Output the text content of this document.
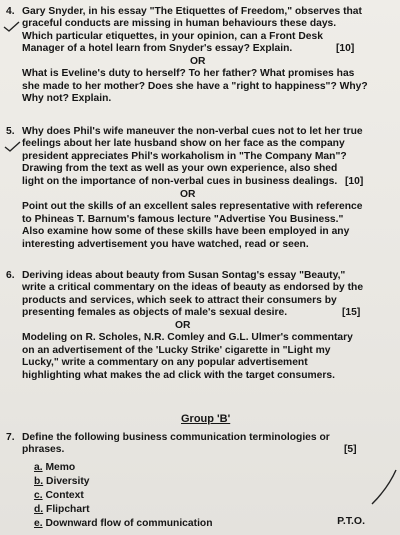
4. Gary Snyder, in his essay "The Etiquettes of Freedom," observes that
graceful conducts are missing in human behaviours these days.
Which particular etiquettes, in your opinion, can a Front Desk
Manager of a hotel learn from Snyder's essay? Explain.	[10]
OR
What is Eveline's duty to herself? To her father? What promises has
she made to her mother? Does she have a "right to happiness"? Why?
Why not? Explain.
5. Why does Phil's wife maneuver the non-verbal cues not to let her true
feelings about her late husband show on her face as the company
president appreciates Phil's workaholism in "The Company Man"?
Drawing from the text as well as your own experience, also shed
light on the importance of non-verbal cues in business dealings. [10]
OR
Point out the skills of an excellent sales representative with reference
to Phineas T. Barnum's famous lecture "Advertise You Business."
Also examine how some of these skills have been employed in any
interesting advertisement you have watched, read or seen.
6. Deriving ideas about beauty from Susan Sontag's essay "Beauty,"
write a critical commentary on the ideas of beauty as endorsed by the
products and services, which seek to attract their consumers by
presenting females as objects of male's sexual desire.	[15]
OR
Modeling on R. Scholes, N.R. Comley and G.L. Ulmer's commentary
on an advertisement of the 'Lucky Strike' cigarette in "Light my
Lucky," write a commentary on any popular advertisement
highlighting what makes the ad click with the target consumers.
Group 'B'
7. Define the following business communication terminologies or
phrases.	[5]
a. Memo
b. Diversity
c. Context
d. Flipchart
e. Downward flow of communication	P.T.O.
